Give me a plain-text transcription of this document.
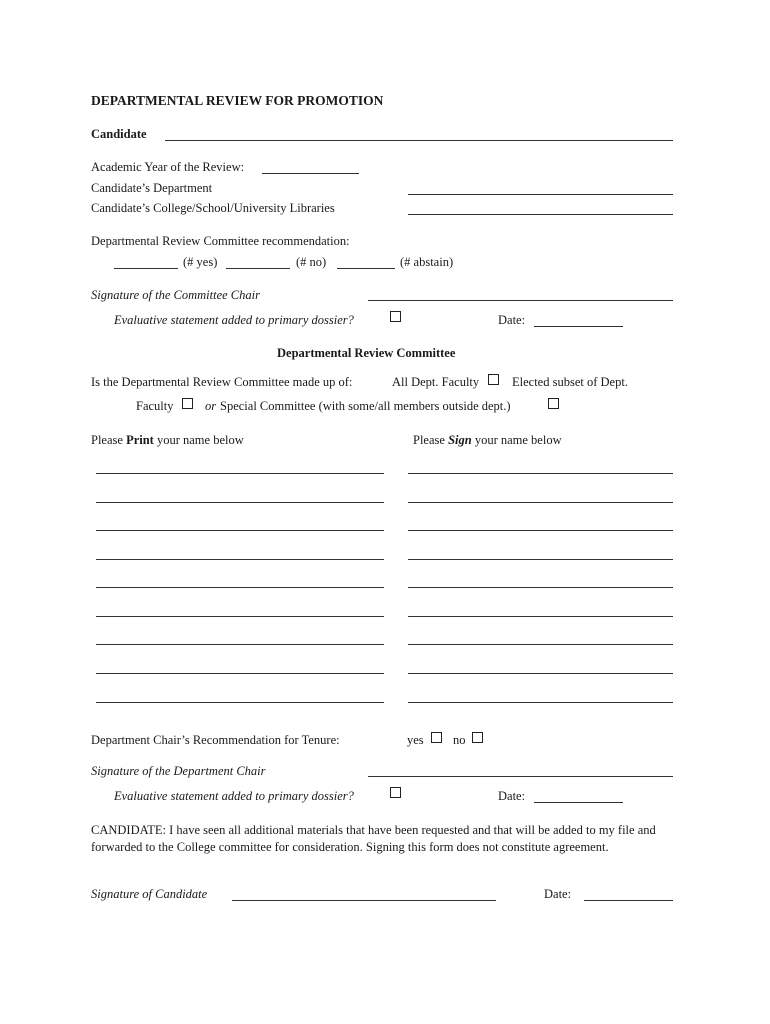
DEPARTMENTAL REVIEW FOR PROMOTION
Candidate
Academic Year of the Review:
Candidate’s Department
Candidate’s College/School/University Libraries
Departmental Review Committee recommendation:
(# yes)	(# no)	(# abstain)
Signature of the Committee Chair
Evaluative statement added to primary dossier?	Date:
Departmental Review Committee
Is the Departmental Review Committee made up of:	All Dept. Faculty	Elected subset of Dept.
Faculty	or Special Committee (with some/all members outside dept.)
Please Print your name below	Please Sign your name below
Department Chair’s Recommendation for Tenure:	yes no
Signature of the Department Chair
Evaluative statement added to primary dossier?	Date:
CANDIDATE: I have seen all additional materials that have been requested and that will be added to my file and forwarded to the College committee for consideration. Signing this form does not constitute agreement.
Signature of Candidate	Date:
